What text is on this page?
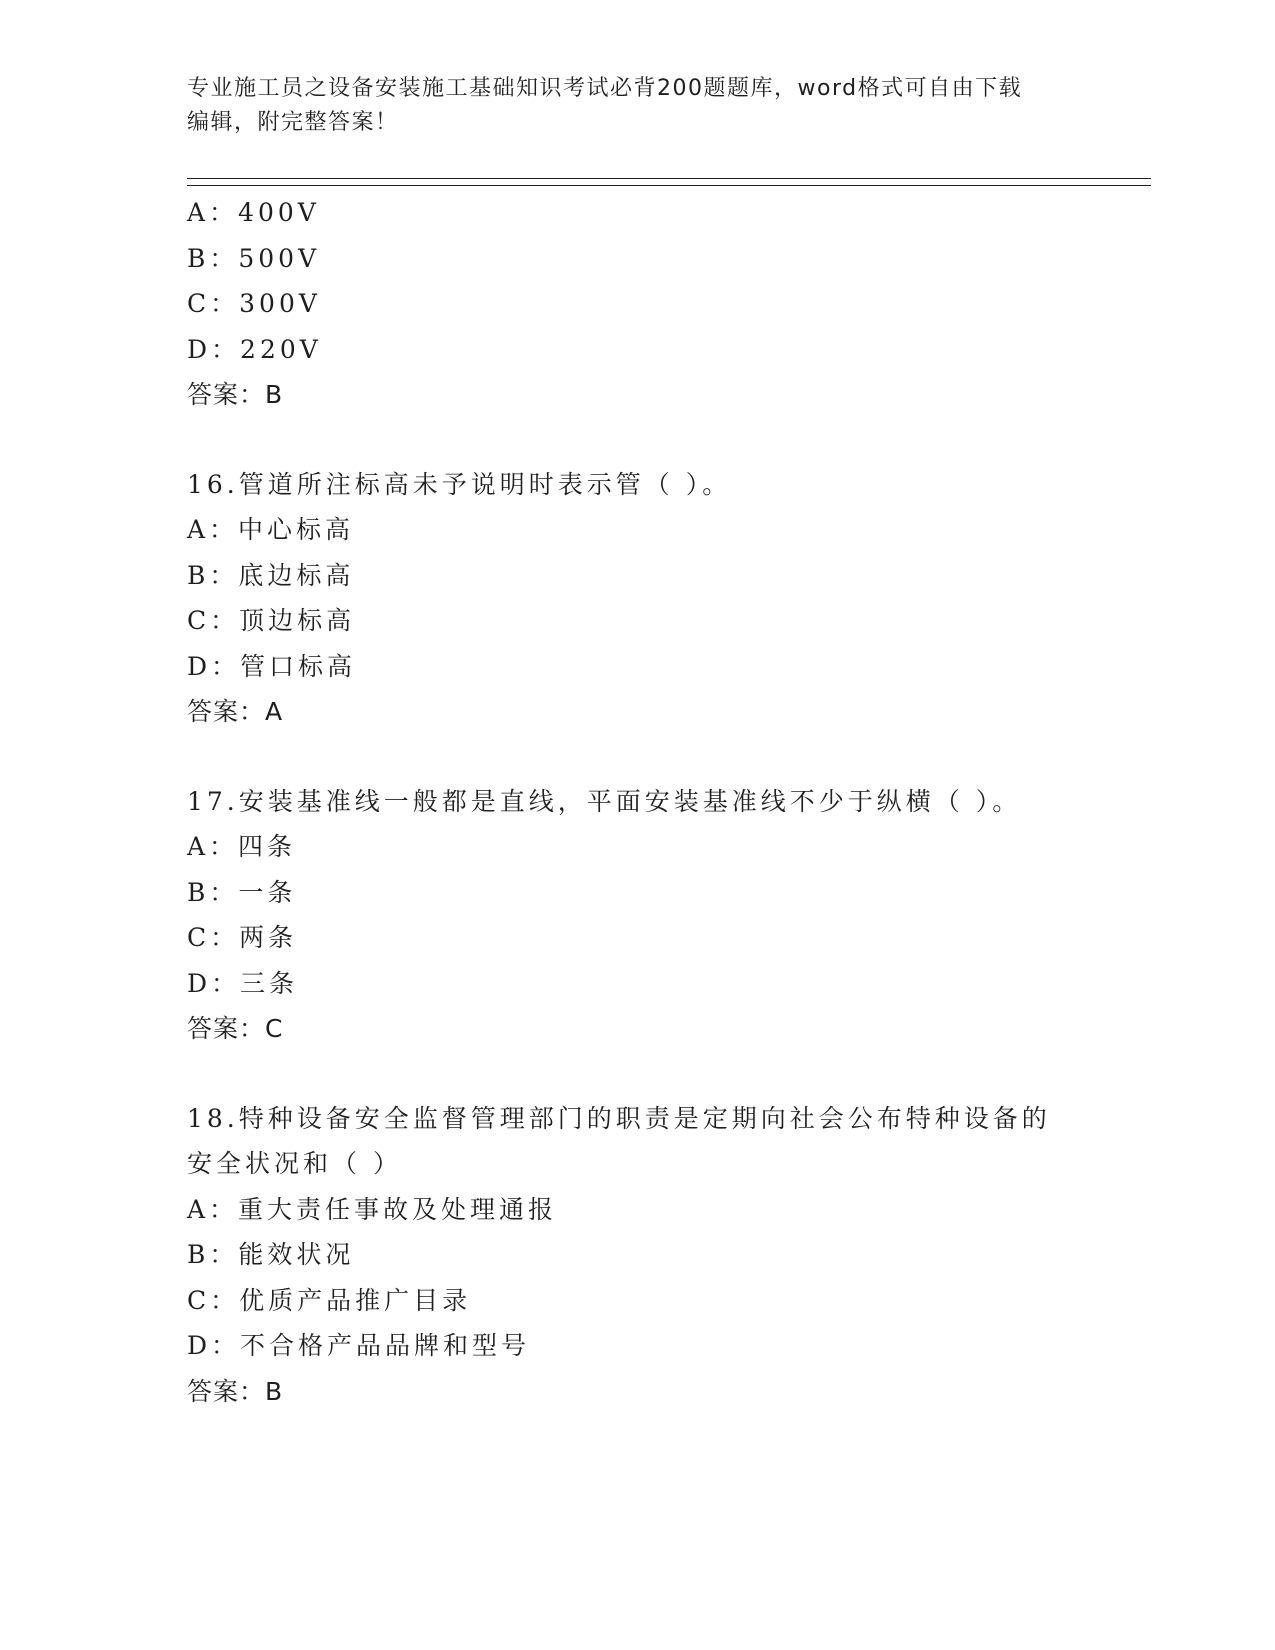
专业施工员之设备安装施工基础知识考试必背200题题库，word格式可自由下载
编辑，附完整答案！
A：400V
B：500V
C：300V
D：220V
答案：B
16.管道所注标高未予说明时表示管（ ）。
A：中心标高
B：底边标高
C：顶边标高
D：管口标高
答案：A
17.安装基准线一般都是直线，平面安装基准线不少于纵横（ ）。
A：四条
B：一条
C：两条
D：三条
答案：C
18.特种设备安全监督管理部门的职责是定期向社会公布特种设备的安全状况和（ ）
A：重大责任事故及处理通报
B：能效状况
C：优质产品推广目录
D：不合格产品品牌和型号
答案：B
